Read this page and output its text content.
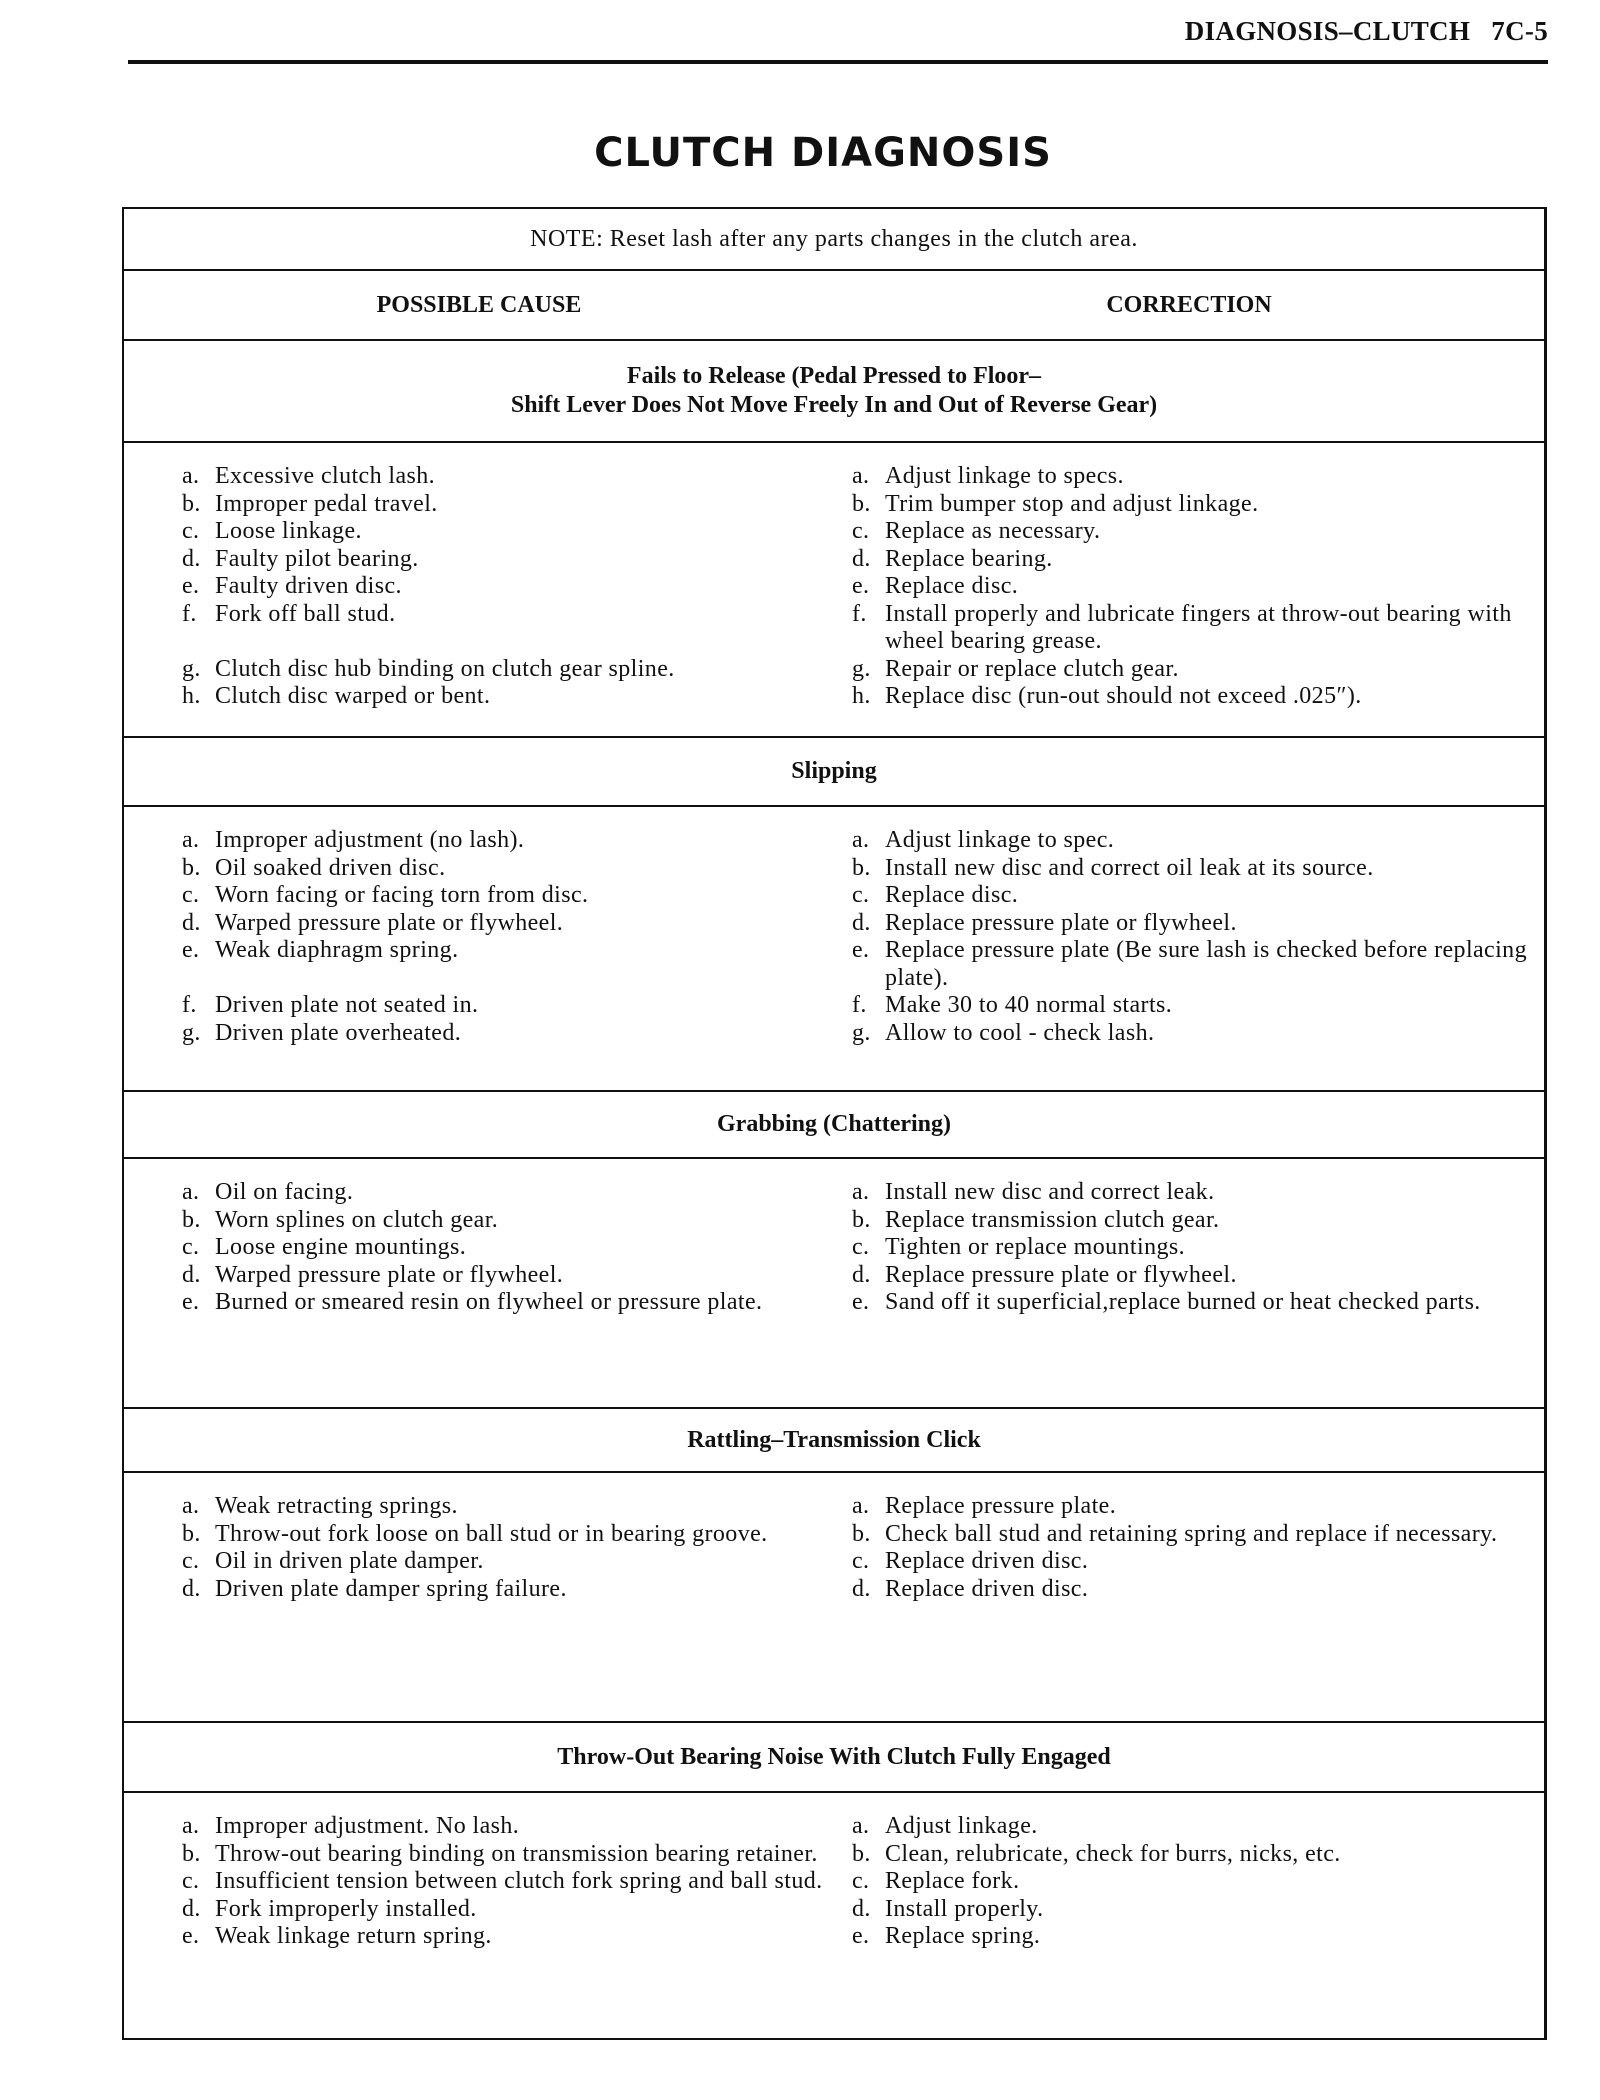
DIAGNOSIS–CLUTCH   7C-5
CLUTCH DIAGNOSIS
NOTE: Reset lash after any parts changes in the clutch area.
POSSIBLE CAUSE	CORRECTION
Fails to Release (Pedal Pressed to Floor–
Shift Lever Does Not Move Freely In and Out of Reverse Gear)
a. Excessive clutch lash.	a. Adjust linkage to specs.
b. Improper pedal travel.	b. Trim bumper stop and adjust linkage.
c. Loose linkage.	c. Replace as necessary.
d. Faulty pilot bearing.	d. Replace bearing.
e. Faulty driven disc.	e. Replace disc.
f. Fork off ball stud.	f. Install properly and lubricate fingers at throw-out bearing with wheel bearing grease.
g. Clutch disc hub binding on clutch gear spline.	g. Repair or replace clutch gear.
h. Clutch disc warped or bent.	h. Replace disc (run-out should not exceed .025″).
Slipping
a. Improper adjustment (no lash).	a. Adjust linkage to spec.
b. Oil soaked driven disc.	b. Install new disc and correct oil leak at its source.
c. Worn facing or facing torn from disc.	c. Replace disc.
d. Warped pressure plate or flywheel.	d. Replace pressure plate or flywheel.
e. Weak diaphragm spring.	e. Replace pressure plate (Be sure lash is checked before replacing plate).
f. Driven plate not seated in.	f. Make 30 to 40 normal starts.
g. Driven plate overheated.	g. Allow to cool - check lash.
Grabbing (Chattering)
a. Oil on facing.	a. Install new disc and correct leak.
b. Worn splines on clutch gear.	b. Replace transmission clutch gear.
c. Loose engine mountings.	c. Tighten or replace mountings.
d. Warped pressure plate or flywheel.	d. Replace pressure plate or flywheel.
e. Burned or smeared resin on flywheel or pressure plate.	e. Sand off it superficial,replace burned or heat checked parts.
Rattling–Transmission Click
a. Weak retracting springs.	a. Replace pressure plate.
b. Throw-out fork loose on ball stud or in bearing groove.	b. Check ball stud and retaining spring and replace if necessary.
c. Oil in driven plate damper.	c. Replace driven disc.
d. Driven plate damper spring failure.	d. Replace driven disc.
Throw-Out Bearing Noise With Clutch Fully Engaged
a. Improper adjustment. No lash.	a. Adjust linkage.
b. Throw-out bearing binding on transmission bearing retainer.	b. Clean, relubricate, check for burrs, nicks, etc.
c. Insufficient tension between clutch fork spring and ball stud.	c. Replace fork.
d. Fork improperly installed.	d. Install properly.
e. Weak linkage return spring.	e. Replace spring.
